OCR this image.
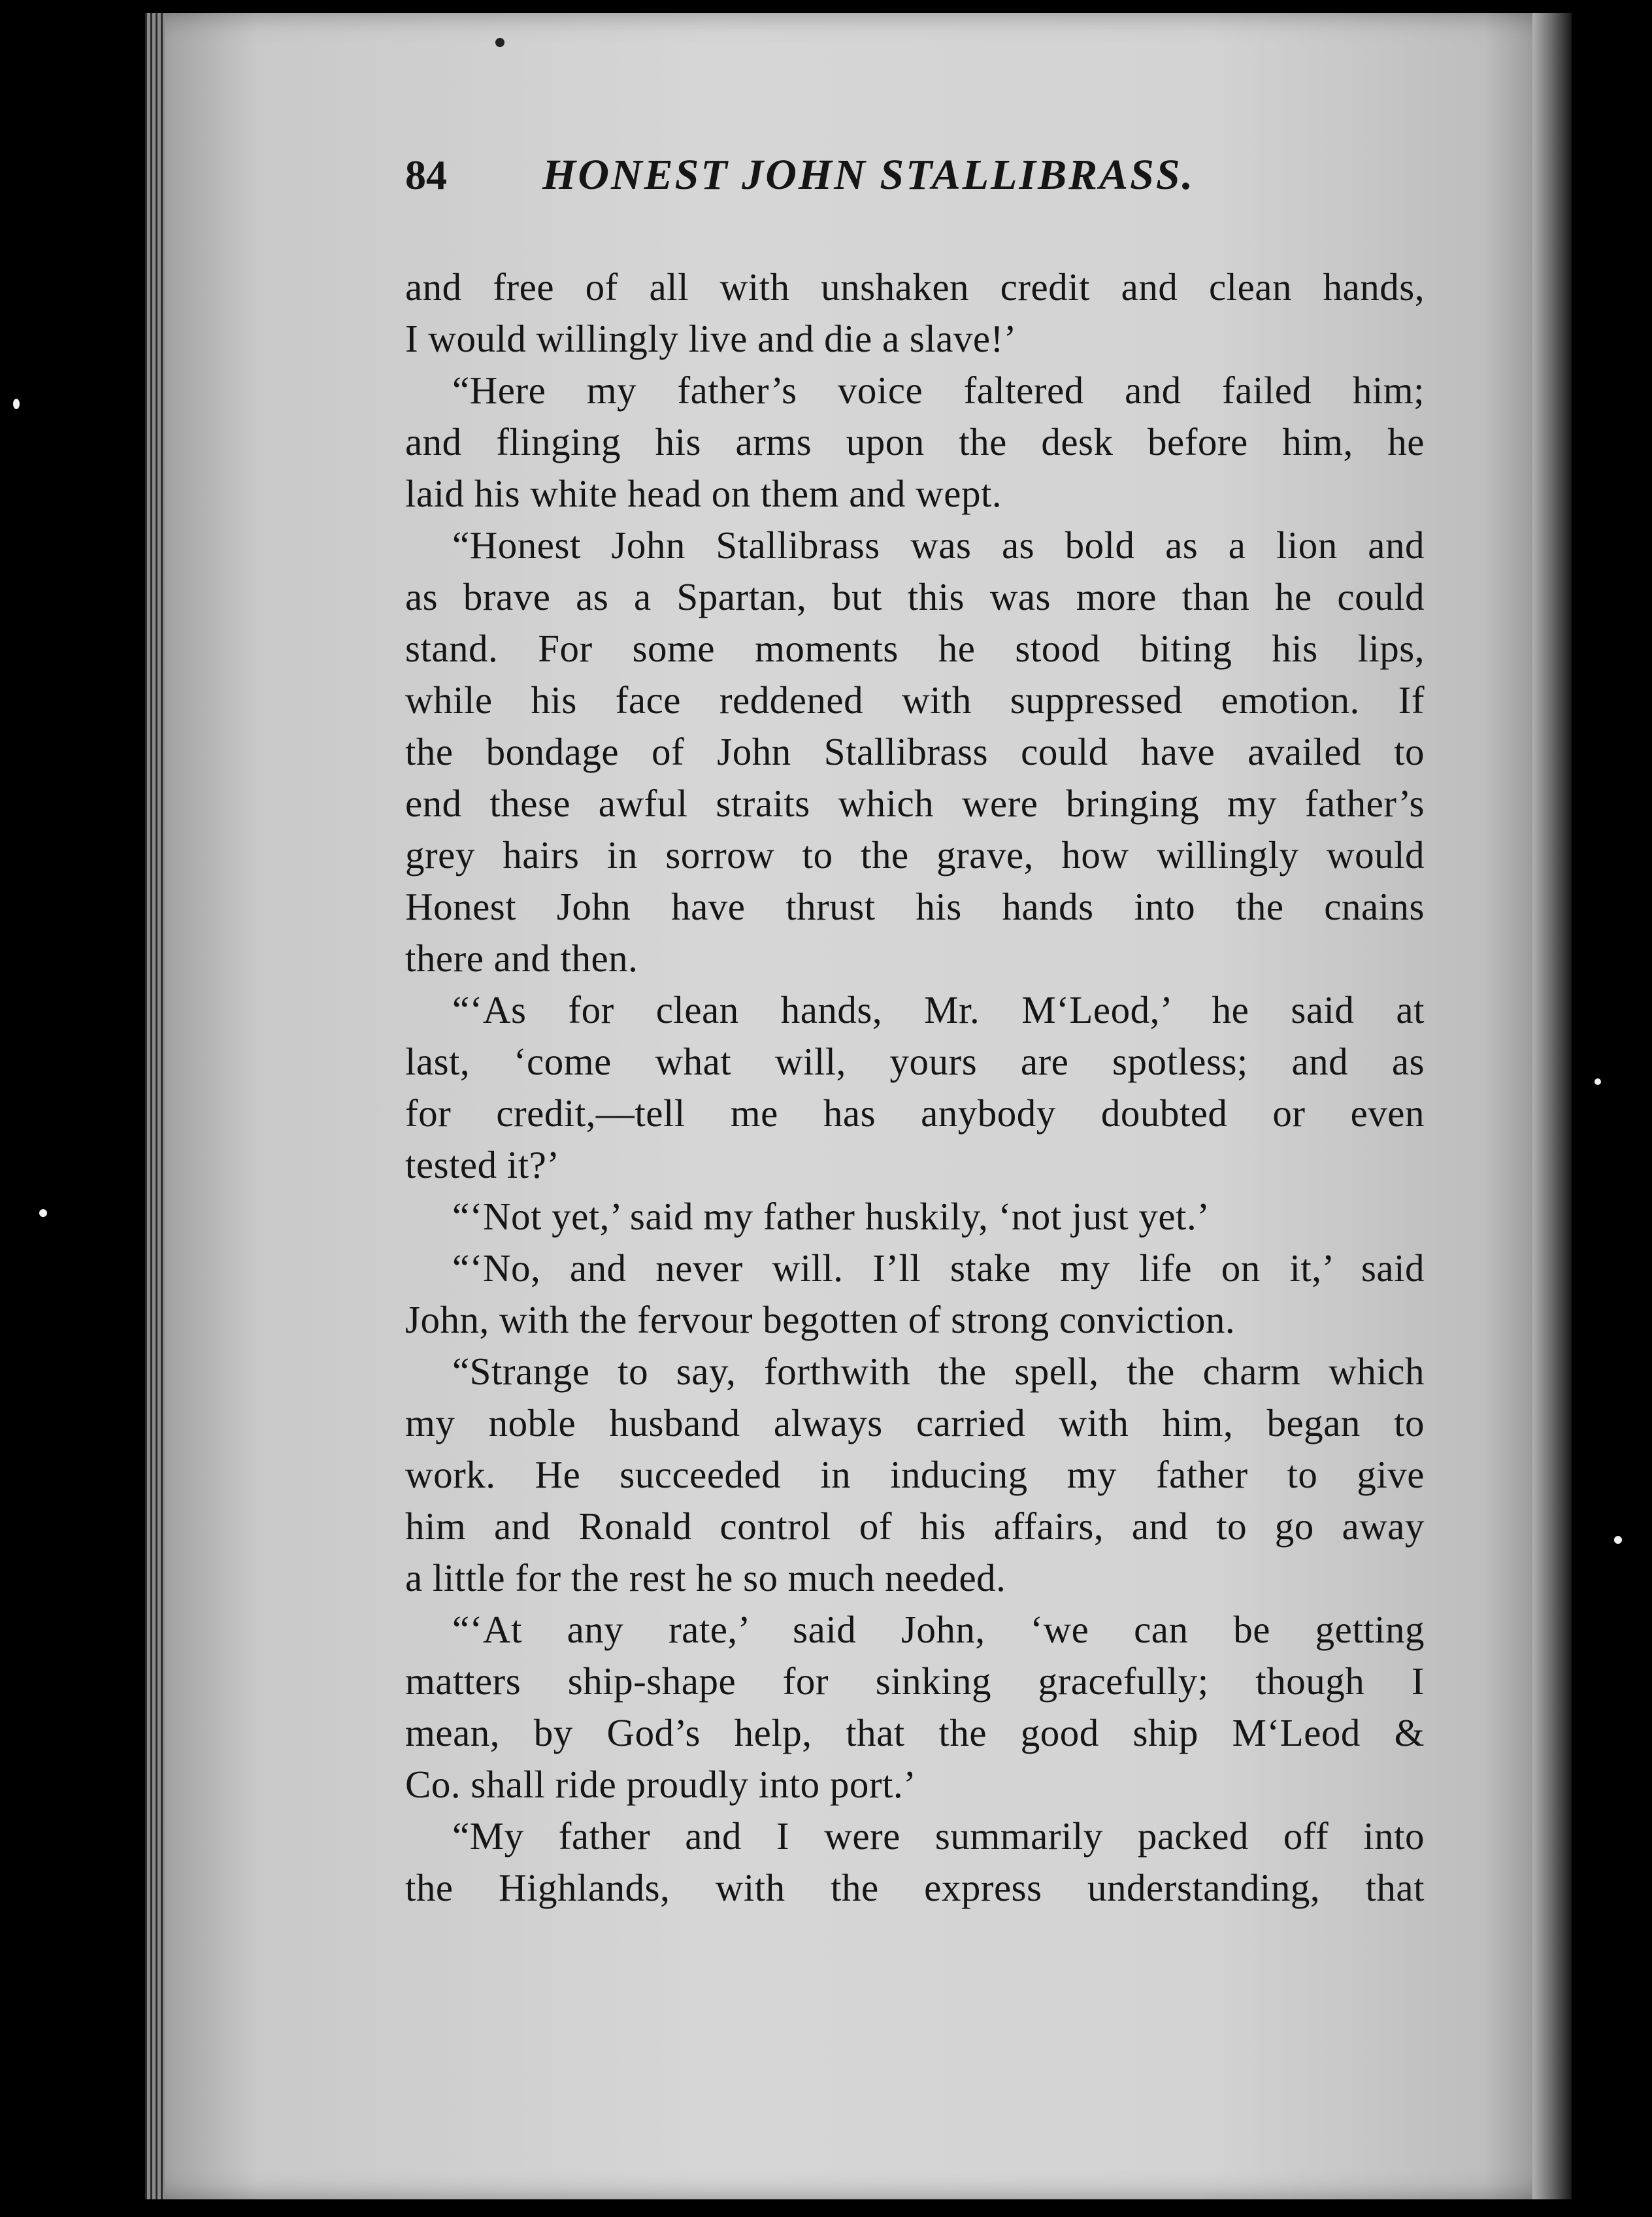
84	HONEST JOHN STALLIBRASS.
and free of all with unshaken credit and clean hands,
I would willingly live and die a slave!’
“Here my father’s voice faltered and failed him;
and flinging his arms upon the desk before him, he
laid his white head on them and wept.
“Honest John Stallibrass was as bold as a lion and
as brave as a Spartan, but this was more than he could
stand. For some moments he stood biting his lips,
while his face reddened with suppressed emotion. If
the bondage of John Stallibrass could have availed to
end these awful straits which were bringing my father’s
grey hairs in sorrow to the grave, how willingly would
Honest John have thrust his hands into the cnains
there and then.
“‘As for clean hands, Mr. M‘Leod,’ he said at
last, ‘come what will, yours are spotless; and as
for credit,—tell me has anybody doubted or even
tested it?’
“‘Not yet,’ said my father huskily, ‘not just yet.’
“‘No, and never will. I’ll stake my life on it,’ said
John, with the fervour begotten of strong conviction.
“Strange to say, forthwith the spell, the charm which
my noble husband always carried with him, began to
work. He succeeded in inducing my father to give
him and Ronald control of his affairs, and to go away
a little for the rest he so much needed.
“‘At any rate,’ said John, ‘we can be getting
matters ship-shape for sinking gracefully; though I
mean, by God’s help, that the good ship M‘Leod &
Co. shall ride proudly into port.’
“My father and I were summarily packed off into
the Highlands, with the express understanding, that
